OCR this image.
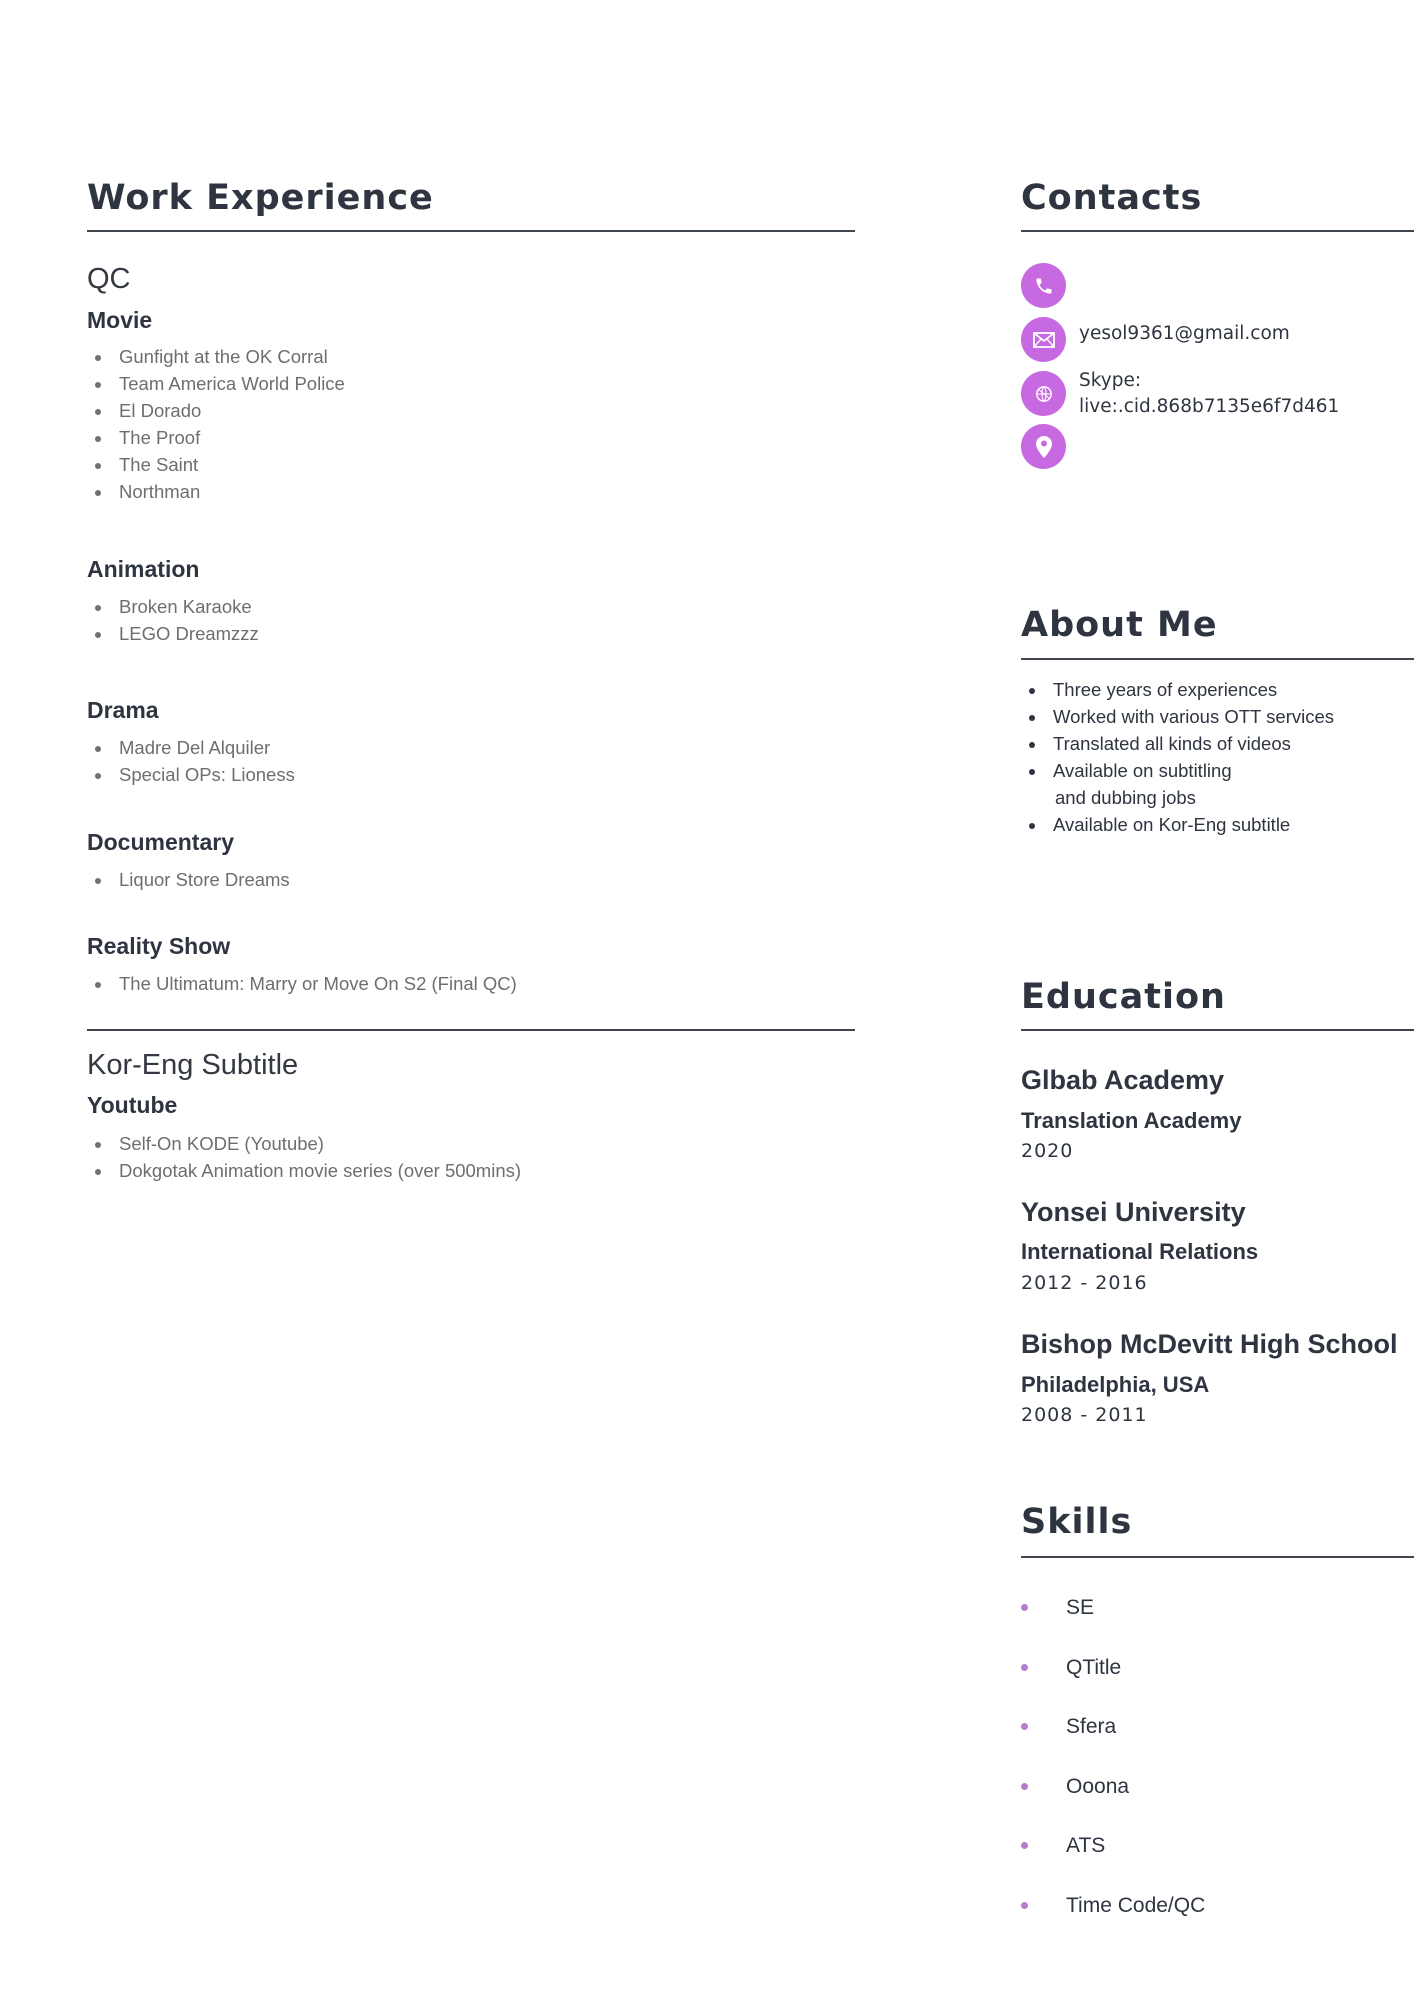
Work Experience
QC
Movie
Gunfight at the OK Corral
Team America World Police
El Dorado
The Proof
The Saint
Northman
Animation
Broken Karaoke
LEGO Dreamzzz
Drama
Madre Del Alquiler
Special OPs: Lioness
Documentary
Liquor Store Dreams
Reality Show
The Ultimatum: Marry or Move On S2 (Final QC)
Kor-Eng Subtitle
Youtube
Self-On KODE (Youtube)
Dokgotak Animation movie series (over 500mins)
Contacts
yesol9361@gmail.com
Skype:
live:.cid.868b7135e6f7d461
About Me
Three years of experiences
Worked with various OTT services
Translated all kinds of videos
Available on subtitling
and dubbing jobs
Available on Kor-Eng subtitle
Education
Glbab Academy
Translation Academy
2020
Yonsei University
International Relations
2012 - 2016
Bishop McDevitt High School
Philadelphia, USA
2008 - 2011
Skills
SE
QTitle
Sfera
Ooona
ATS
Time Code/QC
